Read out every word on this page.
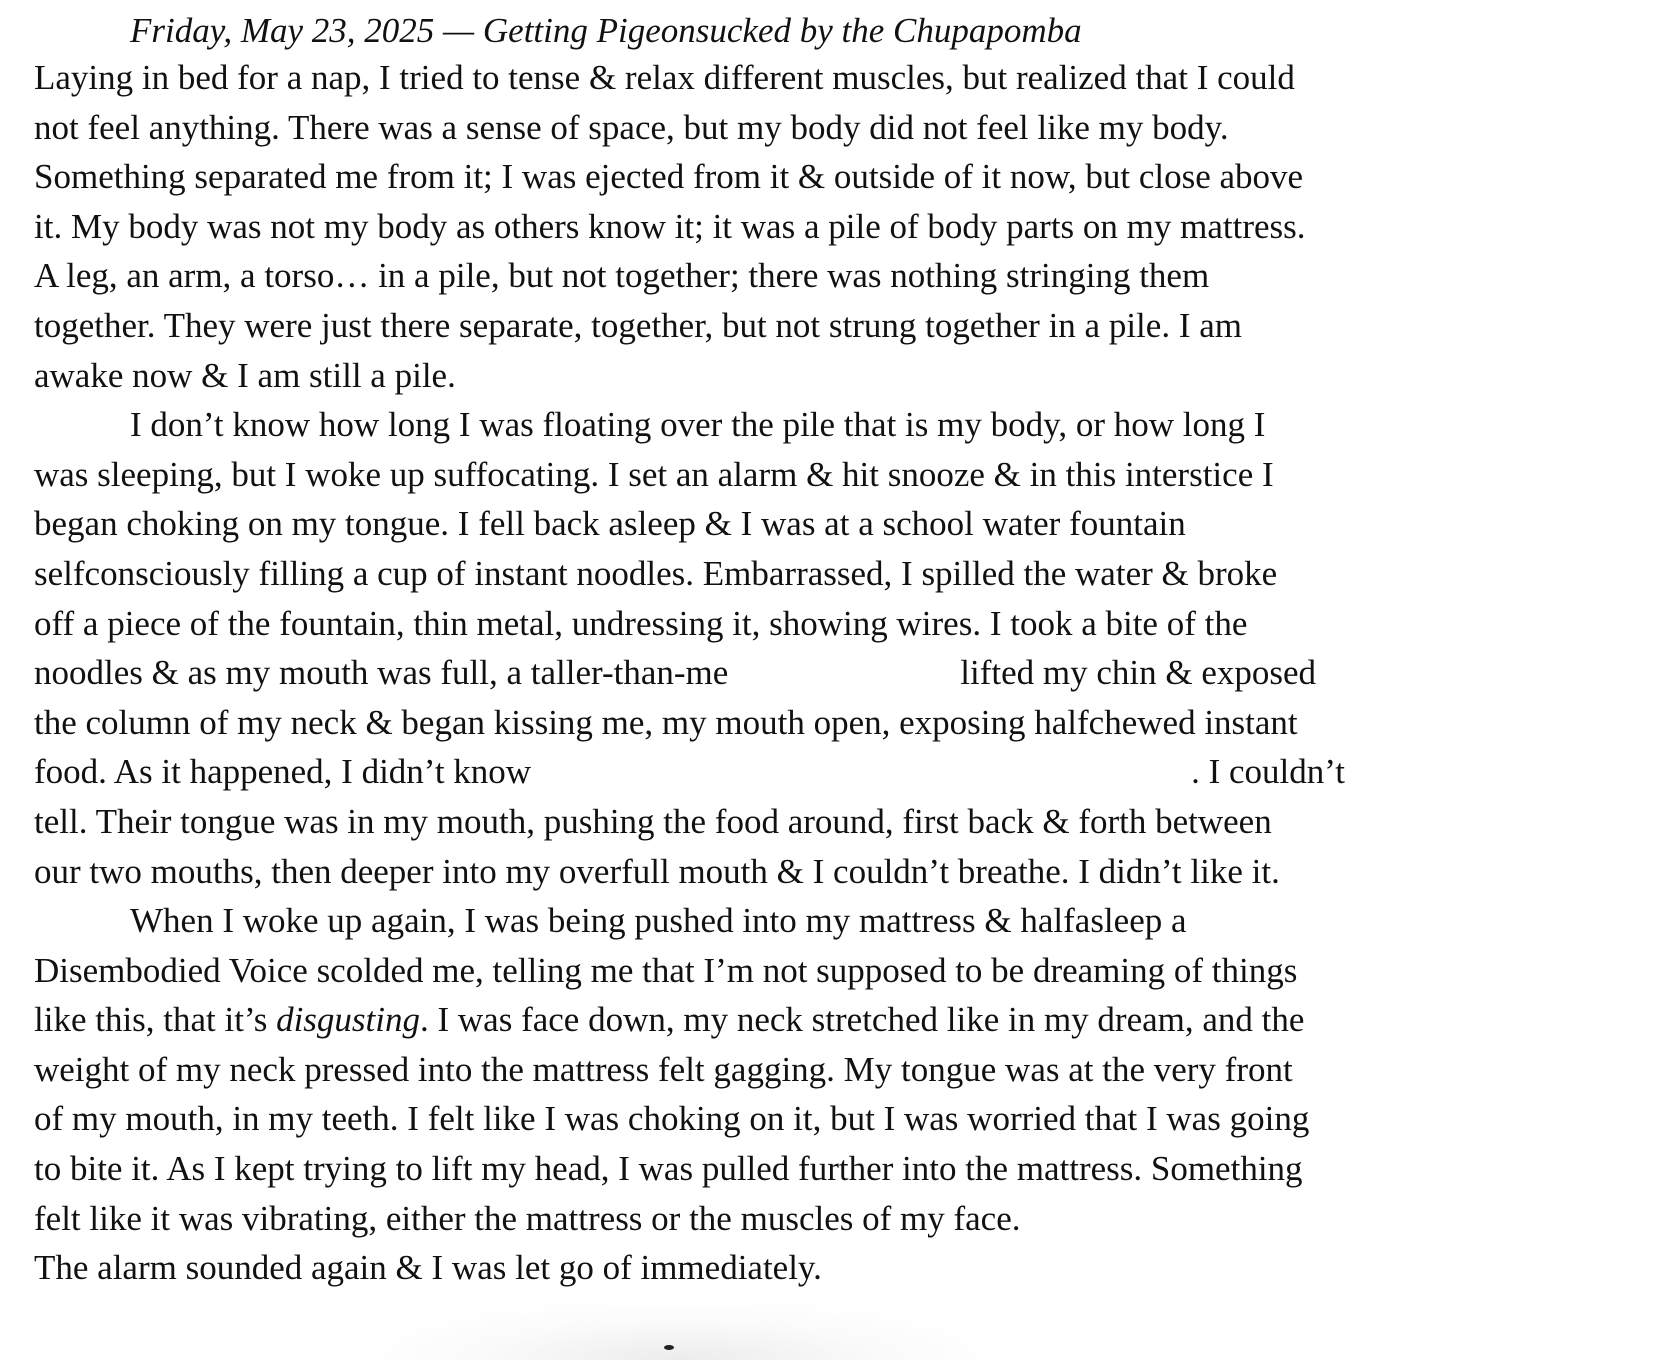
Friday, May 23, 2025 — Getting Pigeonsucked by the Chupapomba
Laying in bed for a nap, I tried to tense & relax different muscles, but realized that I could
not feel anything. There was a sense of space, but my body did not feel like my body.
Something separated me from it; I was ejected from it & outside of it now, but close above
it. My body was not my body as others know it; it was a pile of body parts on my mattress.
A leg, an arm, a torso… in a pile, but not together; there was nothing stringing them
together. They were just there separate, together, but not strung together in a pile. I am
awake now & I am still a pile.
I don’t know how long I was floating over the pile that is my body, or how long I
was sleeping, but I woke up suffocating. I set an alarm & hit snooze & in this interstice I
began choking on my tongue. I fell back asleep & I was at a school water fountain
selfconsciously filling a cup of instant noodles. Embarrassed, I spilled the water & broke
off a piece of the fountain, thin metal, undressing it, showing wires. I took a bite of the
noodles & as my mouth was full, a taller-than-me	lifted my chin & exposed
the column of my neck & began kissing me, my mouth open, exposing halfchewed instant
food. As it happened, I didn’t know	. I couldn’t
tell. Their tongue was in my mouth, pushing the food around, first back & forth between
our two mouths, then deeper into my overfull mouth & I couldn’t breathe. I didn’t like it.
When I woke up again, I was being pushed into my mattress & halfasleep a
Disembodied Voice scolded me, telling me that I’m not supposed to be dreaming of things
like this, that it’s disgusting. I was face down, my neck stretched like in my dream, and the
weight of my neck pressed into the mattress felt gagging. My tongue was at the very front
of my mouth, in my teeth. I felt like I was choking on it, but I was worried that I was going
to bite it. As I kept trying to lift my head, I was pulled further into the mattress. Something
felt like it was vibrating, either the mattress or the muscles of my face.
The alarm sounded again & I was let go of immediately.
